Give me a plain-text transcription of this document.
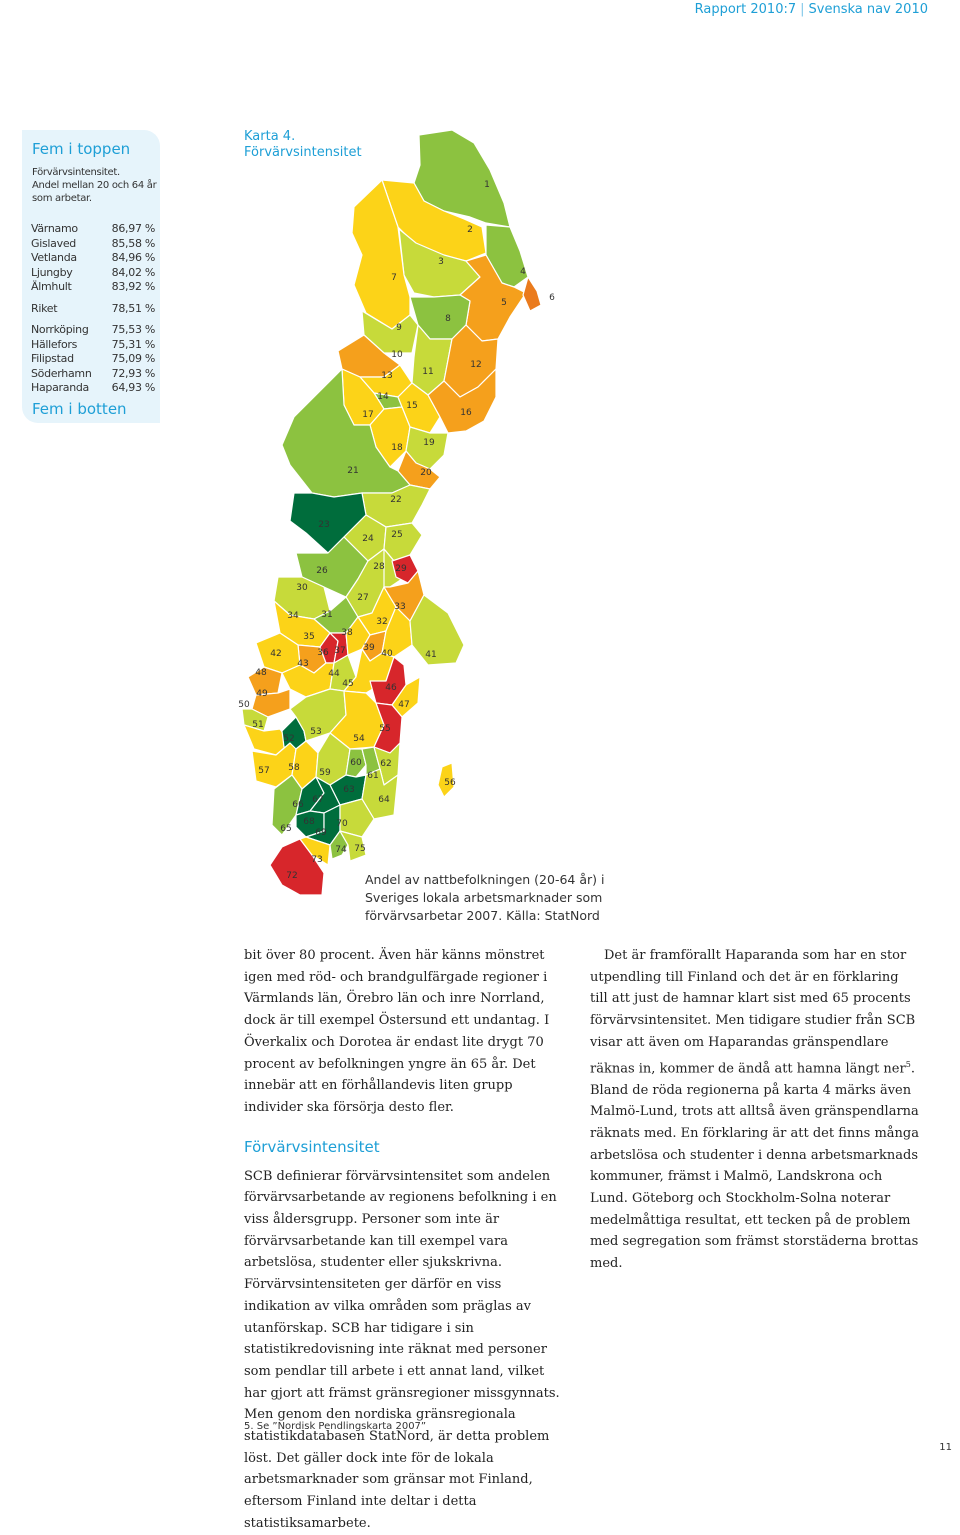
Rapport 2010:7 | Svenska nav 2010
Fem i toppen
Förvärvsintensitet.
Andel mellan 20 och 64 år som arbetar.
Värnamo	86,97 %
Gislaved	85,58 %
Vetlanda	84,96 %
Ljungby	84,02 %
Älmhult	83,92 %
Riket	78,51 %
Norrköping 75,53 %
Hällefors	75,31 %
Filipstad	75,09 %
Söderhamn 72,93 %
Haparanda 64,93 %
Fem i botten
1
2
3
4
5	6
7
8
9
10
11
12
13
14
15
16
17
18 19
20
21
22
23
24 25
26
27
28 29
30
31
32
33
34
35
36 37
38
39
40	41
42
43
44
45	46
47
48
49
50
51
52
53
54
55
56
57 58 59
60
61
62
63
64
65
66 67
68
69
70
72
73
74 75
Karta 4.
Förvärvsintensitet
Andel av nattbefolkningen (20-64 år) i Sveriges lokala arbetsmarknader som förvärvsarbetar 2007. Källa: StatNord

bit över 80 procent. Även här känns mönstret igen med röd- och brandgulfärgade regioner i Värmlands län, Örebro län och inre Norrland, dock är till exempel Östersund ett undantag. I Överkalix och Dorotea är endast lite drygt 70 procent av befolkningen yngre än 65 år. Det innebär att en förhållandevis liten grupp individer ska försörja desto fler.

Förvärvsintensitet

SCB definierar förvärvsintensitet som andelen förvärvsarbetande av regionens befolkning i en viss åldersgrupp. Personer som inte är förvärvsarbetande kan till exempel vara arbetslösa, studenter eller sjukskrivna. Förvärvsintensiteten ger därför en viss indikation av vilka områden som präglas av utanförskap. SCB har tidigare i sin statistikredovisning inte räknat med personer som pendlar till arbete i ett annat land, vilket har gjort att främst gränsregioner missgynnats. Men genom den nordiska gränsregionala statistikdatabasen StatNord, är detta problem löst. Det gäller dock inte för de lokala arbetsmarknader som gränsar mot Finland, eftersom Finland inte deltar i detta statistiksamarbete.

Det är framförallt Haparanda som har en stor utpendling till Finland och det är en förklaring till att just de hamnar klart sist med 65 procents förvärvsintensitet. Men tidigare studier från SCB visar att även om Haparandas gränspendlare räknas in, kommer de ändå att hamna längt ner$^5$. Bland de röda regionerna på karta 4 märks även Malmö-Lund, trots att alltså även gränspendlarna räknats med. En förklaring är att det finns många arbetslösa och studenter i denna arbetsmarknads kommuner, främst i Malmö, Landskrona och Lund. Göteborg och Stockholm-Solna noterar medelmåttiga resultat, ett tecken på de problem med segregation som främst storstäderna brottas med.

5. Se ”Nordisk Pendlingskarta 2007”
11
